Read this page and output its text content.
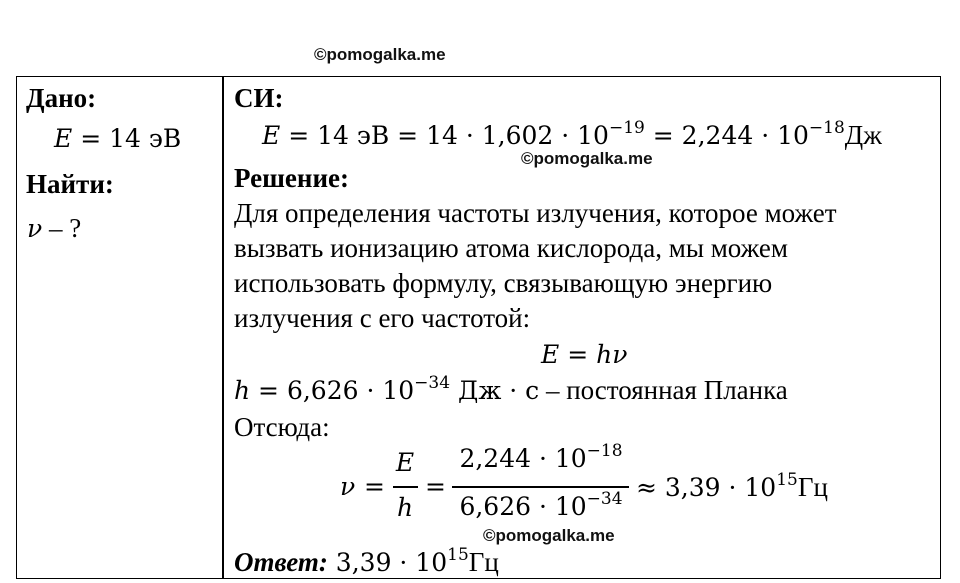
©pomogalka.me
©pomogalka.me
©pomogalka.me
Дано:
E = 14 эВ
Найти:
ν – ?
СИ:
E = 14 эВ = $14 \cdot 1,602 \cdot 10^{-19} = 2,244 \cdot 10^{-18}Дж$
Решение:
Для определения частоты излучения, которое может
вызвать ионизацию атома кислорода, мы можем
использовать формулу, связывающую энергию
излучения с его частотой:
E = hν
$h = 6,626 \cdot 10^{-34}$ Дж · с – постоянная Планка
Отсюда:
ν =
E
h
=
$2,244 \cdot 10^{-18}$
$6,626 \cdot 10^{-34} \approx 3,39 \cdot 10^{15}Гц$
Ответ: $3,39 \cdot 10^{15}Гц$
